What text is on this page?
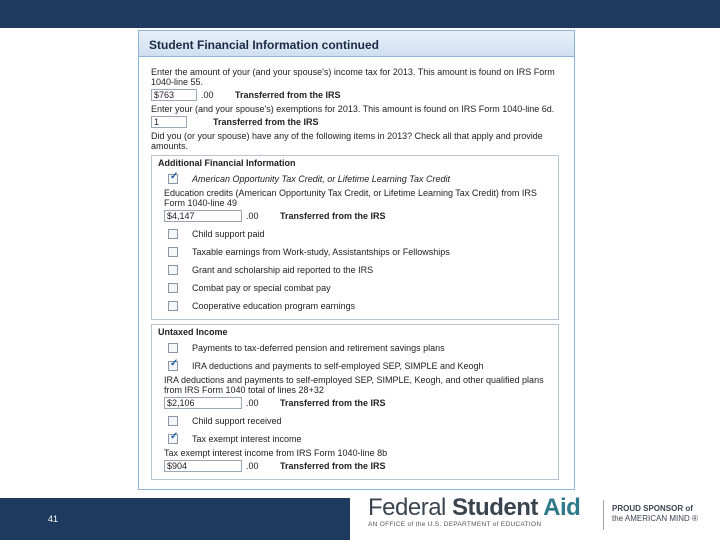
Student Financial Information continued
Enter the amount of your (and your spouse's) income tax for 2013. This amount is found on IRS Form 1040-line 55.
$763
.00	Transferred from the IRS
Enter your (and your spouse's) exemptions for 2013. This amount is found on IRS Form 1040-line 6d.
1
Transferred from the IRS
Did you (or your spouse) have any of the following items in 2013? Check all that apply and provide amounts.
Additional Financial Information
✓
American Opportunity Tax Credit, or Lifetime Learning Tax Credit
Education credits (American Opportunity Tax Credit, or Lifetime Learning Tax Credit) from IRS Form 1040-line 49
$4,147
.00	Transferred from the IRS
Child support paid
Taxable earnings from Work-study, Assistantships or Fellowships
Grant and scholarship aid reported to the IRS
Combat pay or special combat pay
Cooperative education program earnings
Untaxed Income
Payments to tax-deferred pension and retirement savings plans
✓
IRA deductions and payments to self-employed SEP, SIMPLE and Keogh
IRA deductions and payments to self-employed SEP, SIMPLE, Keogh, and other qualified plans from IRS Form 1040 total of lines 28+32
$2,106
.00	Transferred from the IRS
Child support received
✓
Tax exempt interest income
Tax exempt interest income from IRS Form 1040-line 8b
$904
.00	Transferred from the IRS
41	Federal Student Aid
AN OFFICE of the U.S. DEPARTMENT of EDUCATION
PROUD SPONSOR of
the AMERICAN MIND ®
